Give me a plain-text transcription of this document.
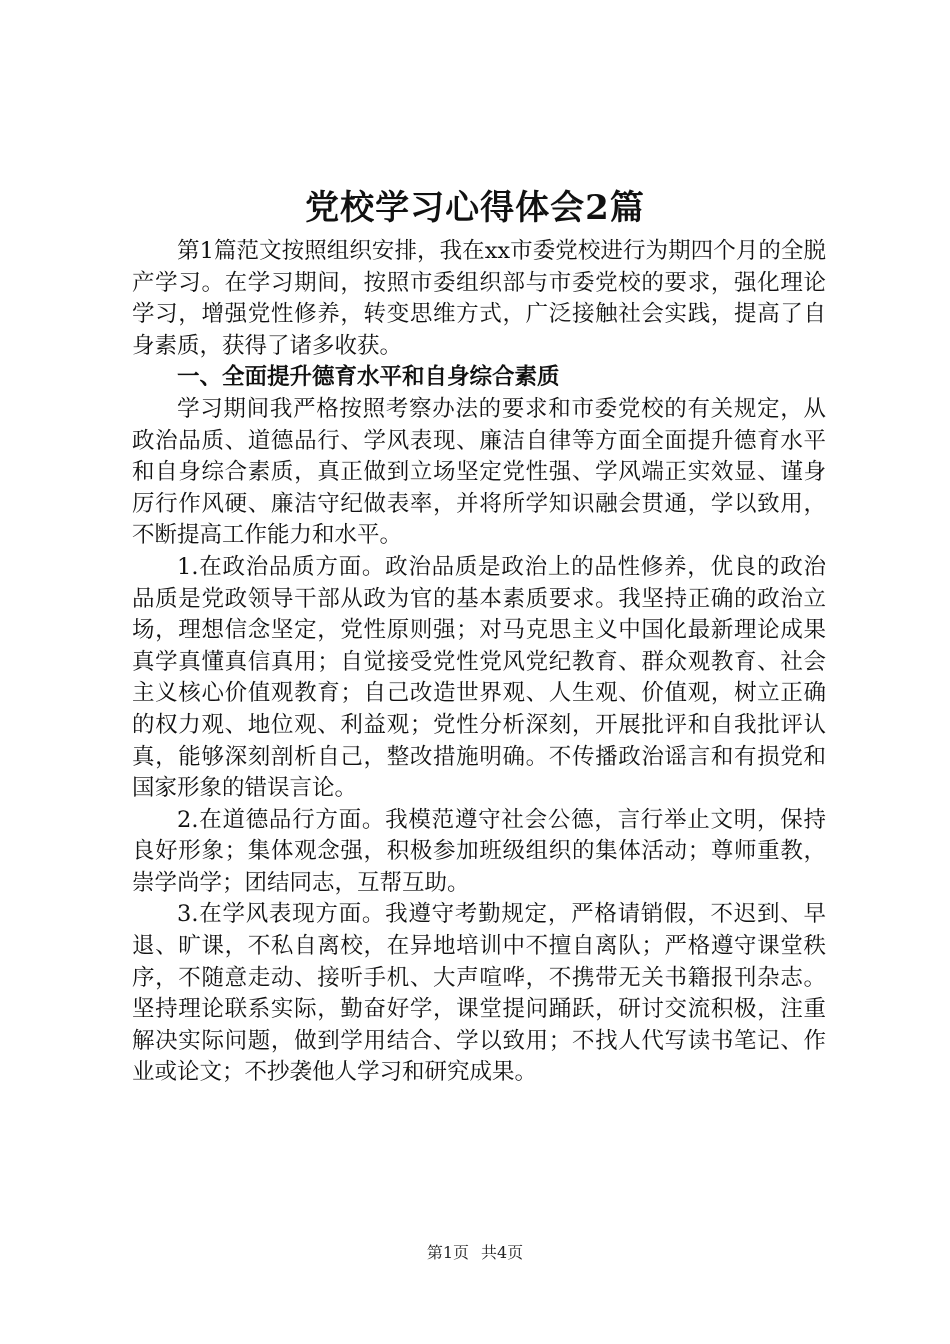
党校学习心得体会2篇

第1篇范文按照组织安排，我在xx市委党校进行为期四个月的全脱产学习。在学习期间，按照市委组织部与市委党校的要求，强化理论学习，增强党性修养，转变思维方式，广泛接触社会实践，提高了自身素质，获得了诸多收获。

一、全面提升德育水平和自身综合素质

学习期间我严格按照考察办法的要求和市委党校的有关规定，从政治品质、道德品行、学风表现、廉洁自律等方面全面提升德育水平和自身综合素质，真正做到立场坚定党性强、学风端正实效显、谨身厉行作风硬、廉洁守纪做表率，并将所学知识融会贯通，学以致用，不断提高工作能力和水平。

1.在政治品质方面。政治品质是政治上的品性修养，优良的政治品质是党政领导干部从政为官的基本素质要求。我坚持正确的政治立场，理想信念坚定，党性原则强；对马克思主义中国化最新理论成果真学真懂真信真用；自觉接受党性党风党纪教育、群众观教育、社会主义核心价值观教育；自己改造世界观、人生观、价值观，树立正确的权力观、地位观、利益观；党性分析深刻，开展批评和自我批评认真，能够深刻剖析自己，整改措施明确。不传播政治谣言和有损党和国家形象的错误言论。

2.在道德品行方面。我模范遵守社会公德，言行举止文明，保持良好形象；集体观念强，积极参加班级组织的集体活动；尊师重教，崇学尚学；团结同志，互帮互助。

3.在学风表现方面。我遵守考勤规定，严格请销假，不迟到、早退、旷课，不私自离校，在异地培训中不擅自离队；严格遵守课堂秩序，不随意走动、接听手机、大声喧哗，不携带无关书籍报刊杂志。坚持理论联系实际，勤奋好学，课堂提问踊跃，研讨交流积极，注重解决实际问题，做到学用结合、学以致用；不找人代写读书笔记、作业或论文；不抄袭他人学习和研究成果。

第1页 共4页
